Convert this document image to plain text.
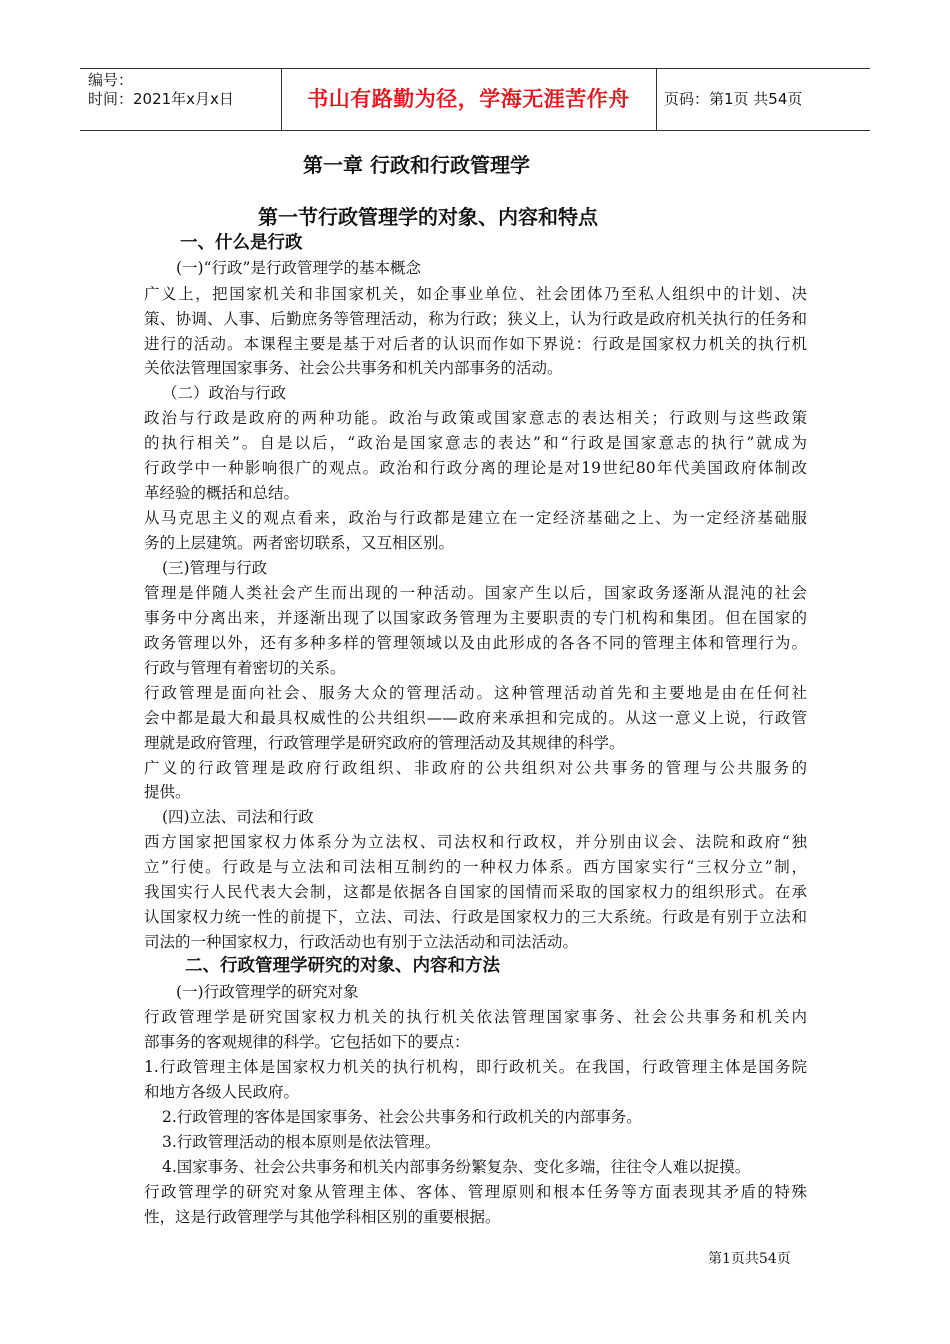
编号：
时间：2021年x月x日	书山有路勤为径，学海无涯苦作舟	页码：第1页 共54页
第一章 行政和行政管理学
第一节行政管理学的对象、内容和特点
一、什么是行政
(一)“行政”是行政管理学的基本概念
广义上，把国家机关和非国家机关，如企事业单位、社会团体乃至私人组织中的计划、决
策、协调、人事、后勤庶务等管理活动，称为行政；狭义上，认为行政是政府机关执行的任务和
进行的活动。本课程主要是基于对后者的认识而作如下界说：行政是国家权力机关的执行机
关依法管理国家事务、社会公共事务和机关内部事务的活动。
（二）政治与行政
政治与行政是政府的两种功能。政治与政策或国家意志的表达相关；行政则与这些政策
的执行相关”。自是以后，“政治是国家意志的表达”和“行政是国家意志的执行”就成为
行政学中一种影响很广的观点。政治和行政分离的理论是对19世纪80年代美国政府体制改
革经验的概括和总结。
从马克思主义的观点看来，政治与行政都是建立在一定经济基础之上、为一定经济基础服
务的上层建筑。两者密切联系，又互相区别。
(三)管理与行政
管理是伴随人类社会产生而出现的一种活动。国家产生以后，国家政务逐渐从混沌的社会
事务中分离出来，并逐渐出现了以国家政务管理为主要职责的专门机构和集团。但在国家的
政务管理以外，还有多种多样的管理领域以及由此形成的各各不同的管理主体和管理行为。
行政与管理有着密切的关系。
行政管理是面向社会、服务大众的管理活动。这种管理活动首先和主要地是由在任何社
会中都是最大和最具权威性的公共组织——政府来承担和完成的。从这一意义上说，行政管
理就是政府管理，行政管理学是研究政府的管理活动及其规律的科学。
广义的行政管理是政府行政组织、非政府的公共组织对公共事务的管理与公共服务的
提供。
(四)立法、司法和行政
西方国家把国家权力体系分为立法权、司法权和行政权，并分别由议会、法院和政府“独
立”行使。行政是与立法和司法相互制约的一种权力体系。西方国家实行“三权分立”制，
我国实行人民代表大会制，这都是依据各自国家的国情而采取的国家权力的组织形式。在承
认国家权力统一性的前提下，立法、司法、行政是国家权力的三大系统。行政是有别于立法和
司法的一种国家权力，行政活动也有别于立法活动和司法活动。
二、行政管理学研究的对象、内容和方法
(一)行政管理学的研究对象
行政管理学是研究国家权力机关的执行机关依法管理国家事务、社会公共事务和机关内
部事务的客观规律的科学。它包括如下的要点：
1.行政管理主体是国家权力机关的执行机构，即行政机关。在我国，行政管理主体是国务院
和地方各级人民政府。
2.行政管理的客体是国家事务、社会公共事务和行政机关的内部事务。
3.行政管理活动的根本原则是依法管理。
4.国家事务、社会公共事务和机关内部事务纷繁复杂、变化多端，往往令人难以捉摸。
行政管理学的研究对象从管理主体、客体、管理原则和根本任务等方面表现其矛盾的特殊
性，这是行政管理学与其他学科相区别的重要根据。
第1页共54页
